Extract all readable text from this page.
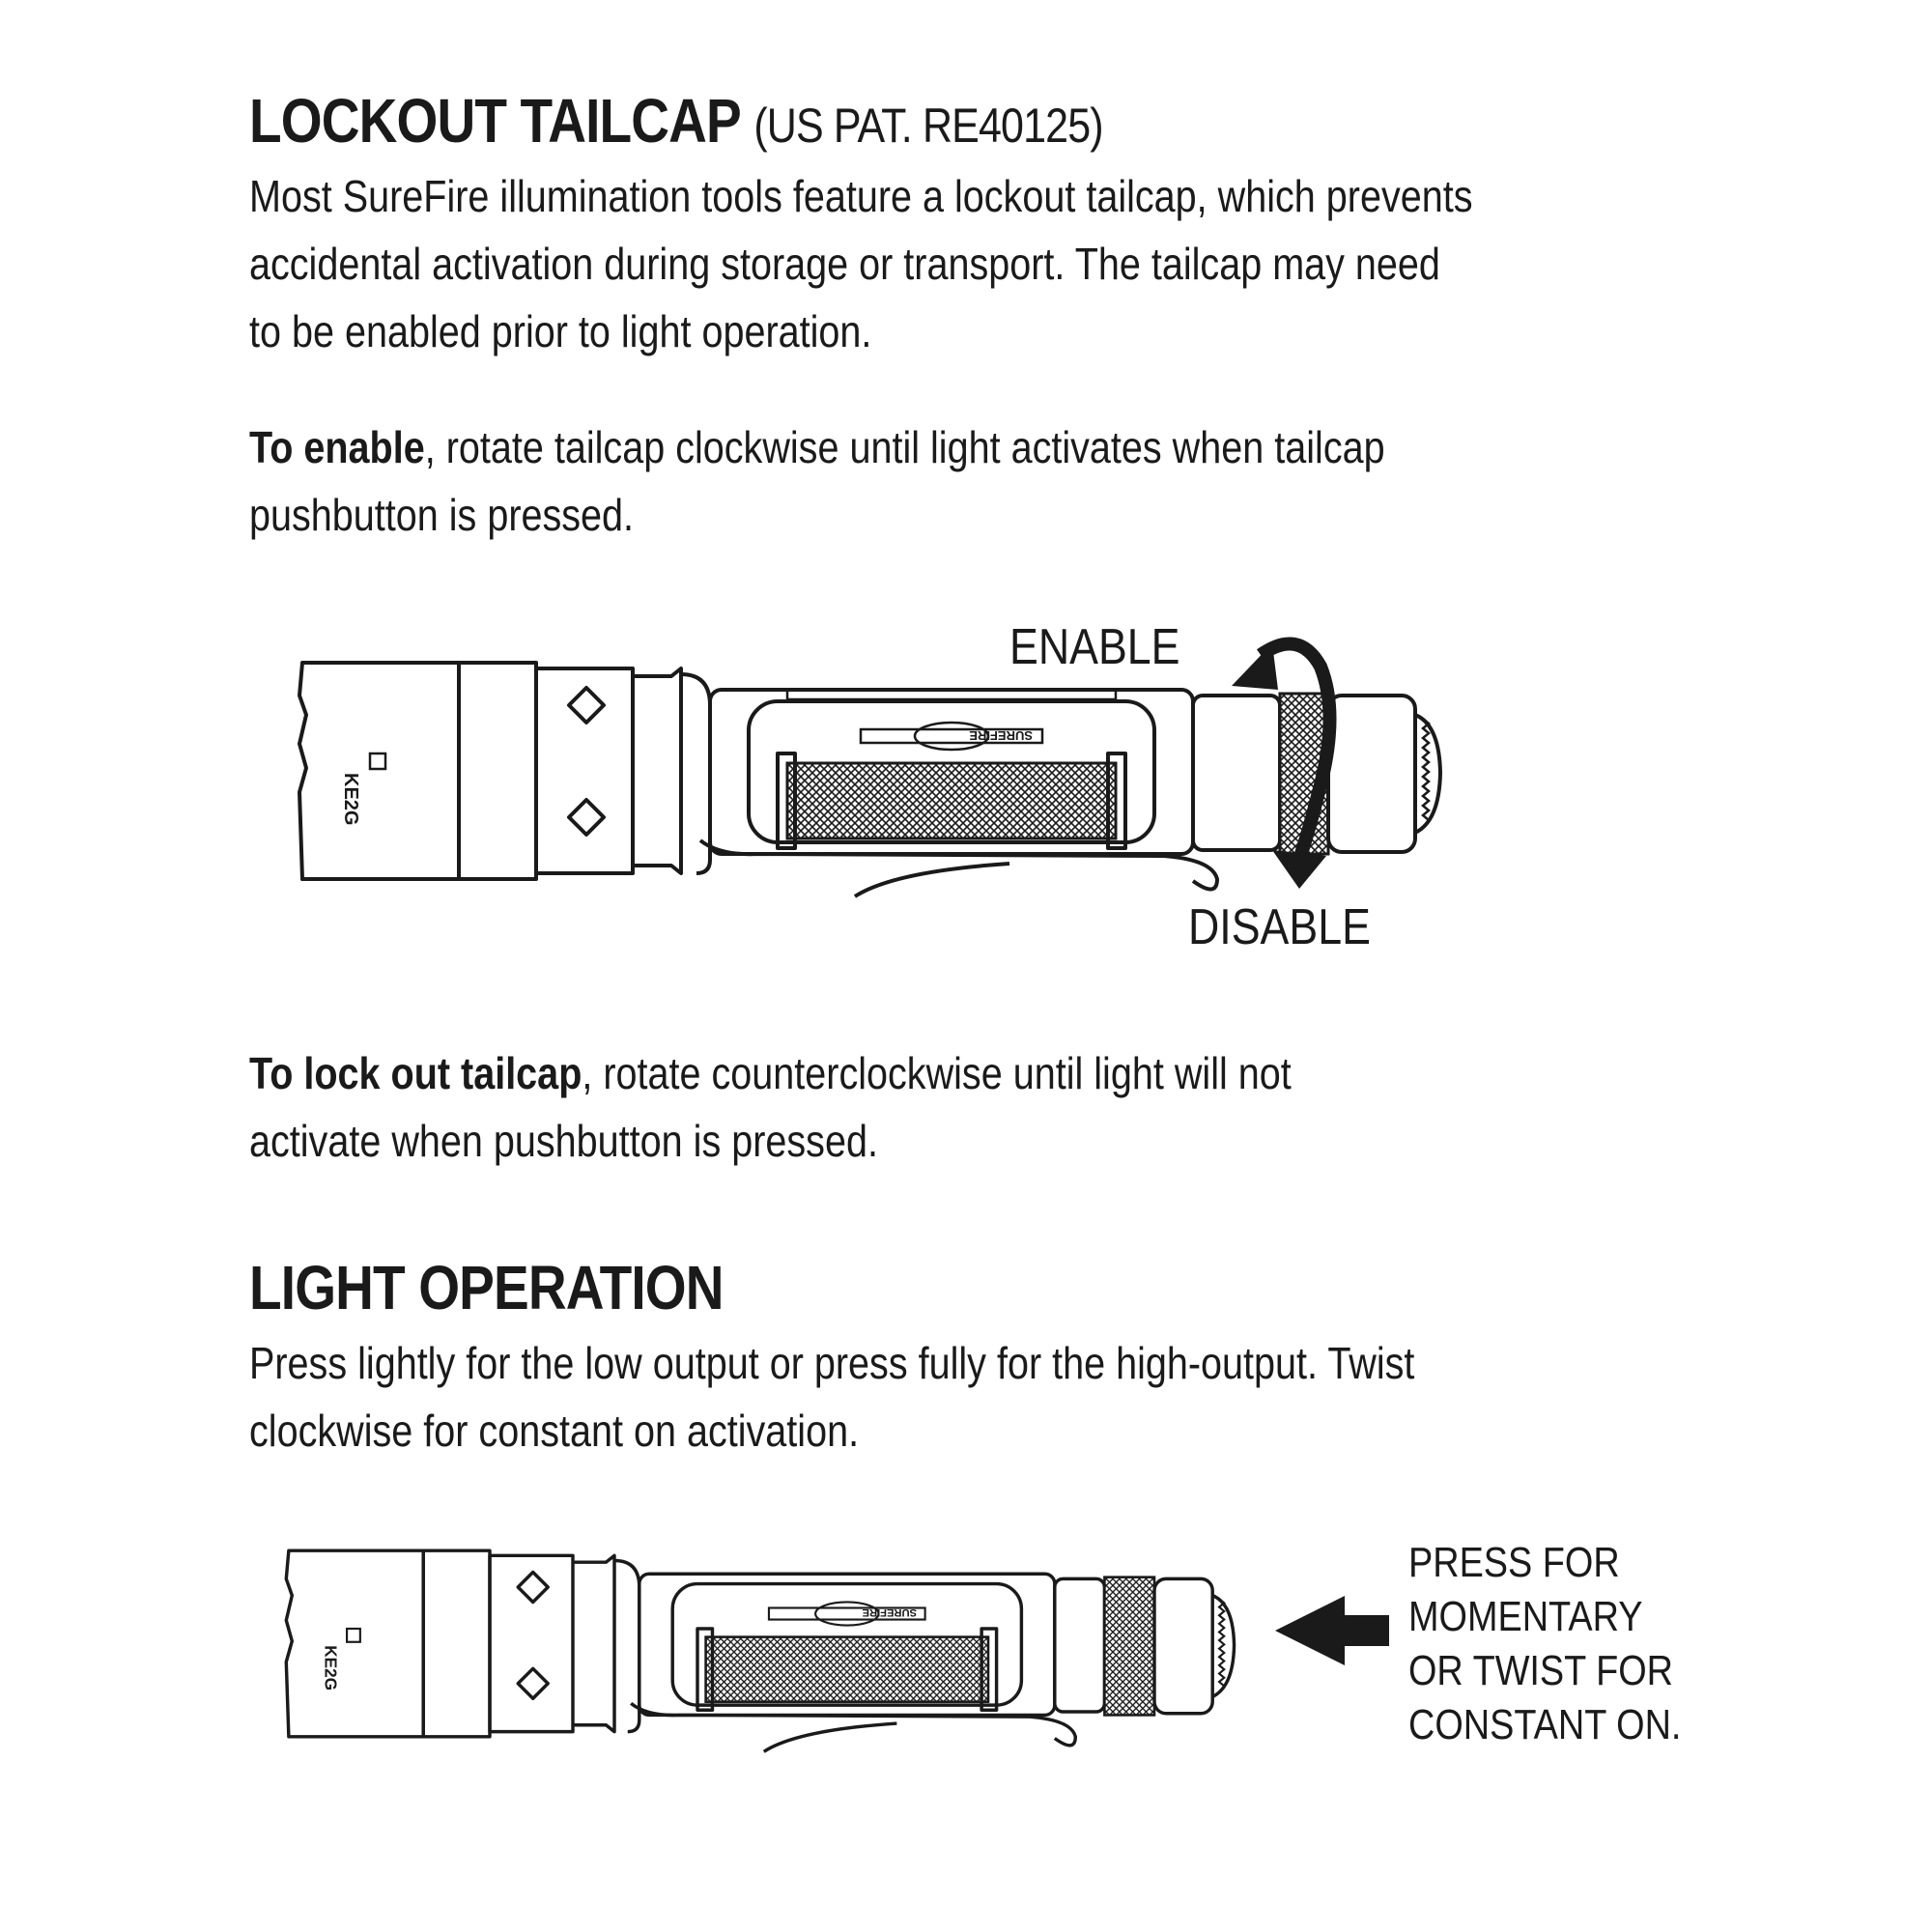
LOCKOUT TAILCAP (US PAT. RE40125)

Most SureFire illumination tools feature a lockout tailcap, which prevents
accidental activation during storage or transport. The tailcap may need
to be enabled prior to light operation.

To enable, rotate tailcap clockwise until light activates when tailcap
pushbutton is pressed.

ENABLE

DISABLE

To lock out tailcap, rotate counterclockwise until light will not
activate when pushbutton is pressed.

LIGHT OPERATION

Press lightly for the low output or press fully for the high-output. Twist
clockwise for constant on activation.

PRESS FOR
MOMENTARY
OR TWIST FOR
CONSTANT ON.

SUREFIRE
KE2G
SUREFIRE
KE2G
